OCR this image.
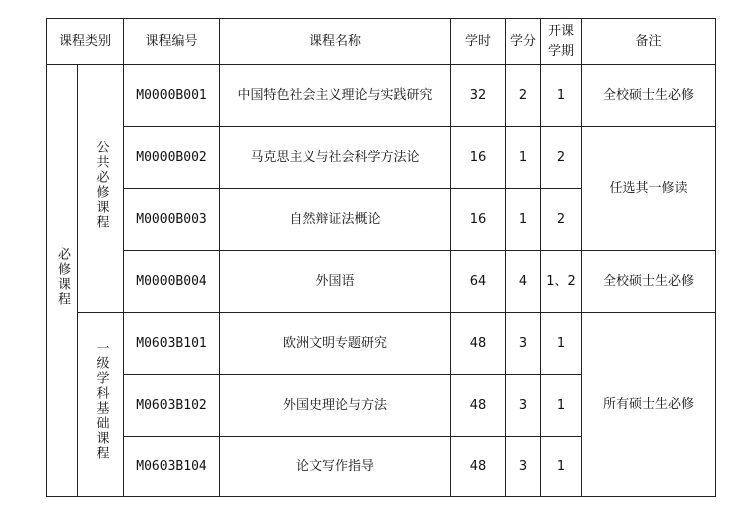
课程类别		课程编号	课程名称	学时	学分	开课学期	备注
必修课程	公共必修课程	M0000B001	中国特色社会主义理论与实践研究	32	2	1	全校硕士生必修
		M0000B002	马克思主义与社会科学方法论	16	1	2	任选其一修读
		M0000B003	自然辩证法概论	16	1	2	
		M0000B004	外国语	64	4	1、2	全校硕士生必修
	一级学科基础课程	M0603B101	欧洲文明专题研究	48	3	1	所有硕士生必修
		M0603B102	外国史理论与方法	48	3	1	
		M0603B104	论文写作指导	48	3	1	
